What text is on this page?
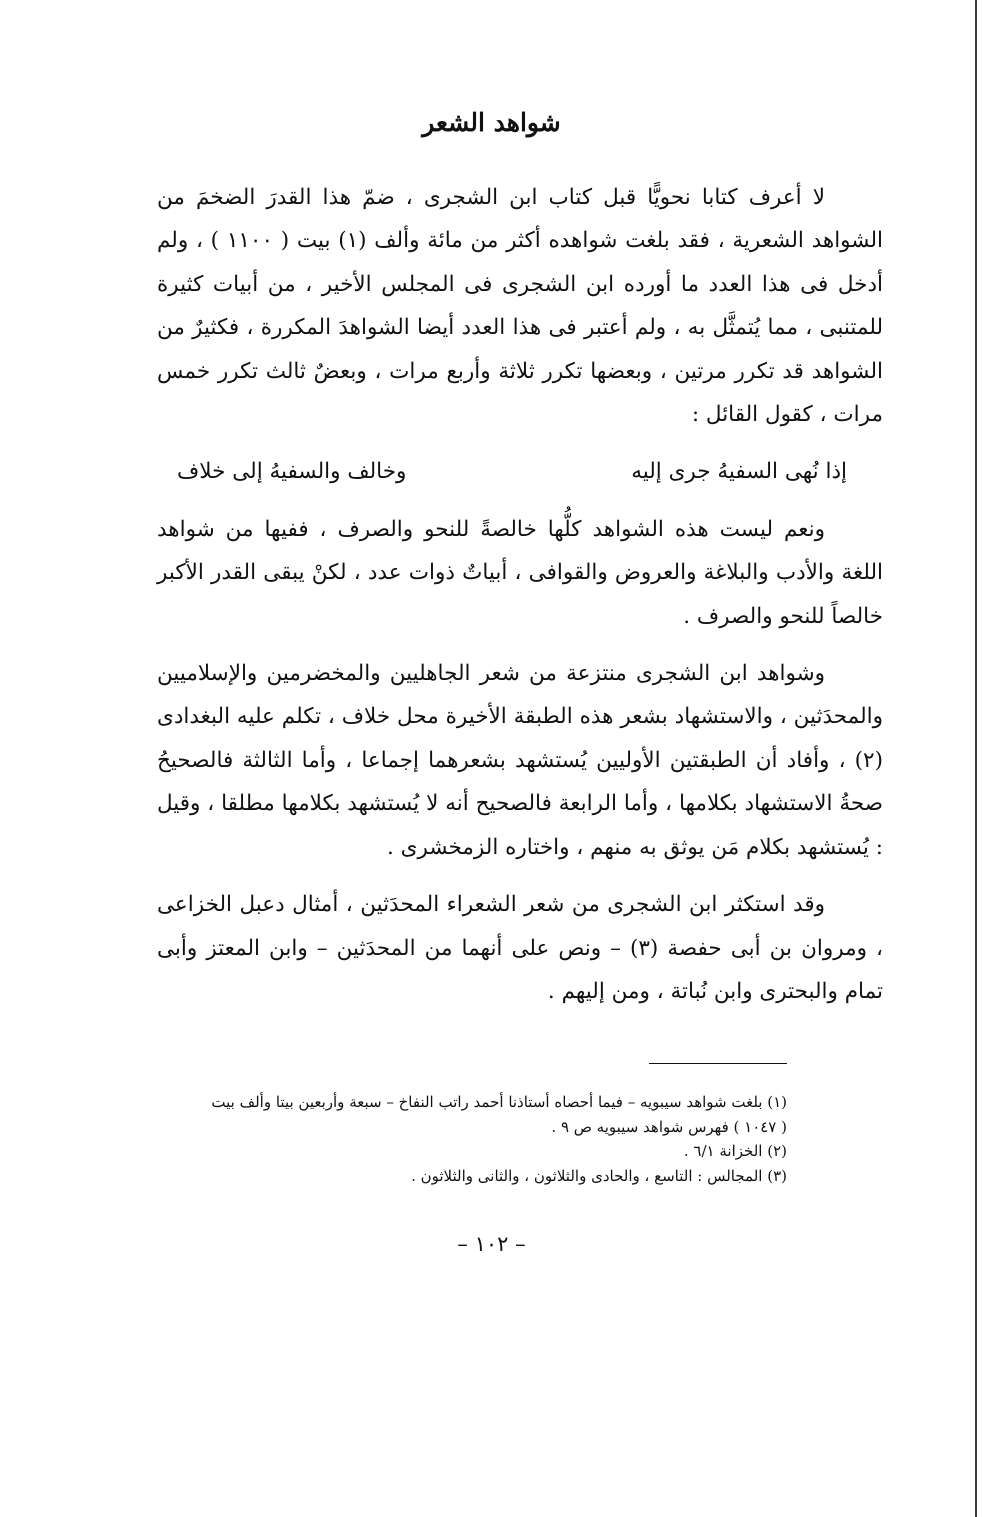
شواهد الشعر

لا أعرف كتابا نحويًّا قبل كتاب ابن الشجرى ، ضمّ هذا القدرَ الضخمَ من الشواهد الشعرية ، فقد بلغت شواهده أكثر من مائة وألف (١) بيت ( ١١٠٠ ) ، ولم أدخل فى هذا العدد ما أورده ابن الشجرى فى المجلس الأخير ، من أبيات كثيرة للمتنبى ، مما يُتمثَّل به ، ولم أعتبر فى هذا العدد أيضا الشواهدَ المكررة ، فكثيرٌ من الشواهد قد تكرر مرتين ، وبعضها تكرر ثلاثة وأربع مرات ، وبعضٌ ثالث تكرر خمس مرات ، كقول القائل :

إذا نُهى السفيهُ جرى إليه
وخالف والسفيهُ إلى خلاف

ونعم ليست هذه الشواهد كلُّها خالصةً للنحو والصرف ، ففيها من شواهد اللغة والأدب والبلاغة والعروض والقوافى ، أبياتٌ ذوات عدد ، لكنْ يبقى القدر الأكبر خالصاً للنحو والصرف .

وشواهد ابن الشجرى منتزعة من شعر الجاهليين والمخضرمين والإسلاميين والمحدَثين ، والاستشهاد بشعر هذه الطبقة الأخيرة محل خلاف ، تكلم عليه البغدادى (٢) ، وأفاد أن الطبقتين الأوليين يُستشهد بشعرهما إجماعا ، وأما الثالثة فالصحيحُ صحةُ الاستشهاد بكلامها ، وأما الرابعة فالصحيح أنه لا يُستشهد بكلامها مطلقا ، وقيل : يُستشهد بكلام مَن يوثق به منهم ، واختاره الزمخشرى .

وقد استكثر ابن الشجرى من شعر الشعراء المحدَثين ، أمثال دعبل الخزاعى ، ومروان بن أبى حفصة (٣) – ونص على أنهما من المحدَثين – وابن المعتز وأبى تمام والبحترى وابن نُباتة ، ومن إليهم .

(١) بلغت شواهد سيبويه – فيما أحصاه أستاذنا أحمد راتب النفاخ – سبعة وأربعين بيتا وألف بيت

( ١٠٤٧ ) فهرس شواهد سيبويه ص ٩ .

(٢) الخزانة ٦/١ .

(٣) المجالس : التاسع ، والحادى والثلاثون ، والثانى والثلاثون .

– ١٠٢ –
